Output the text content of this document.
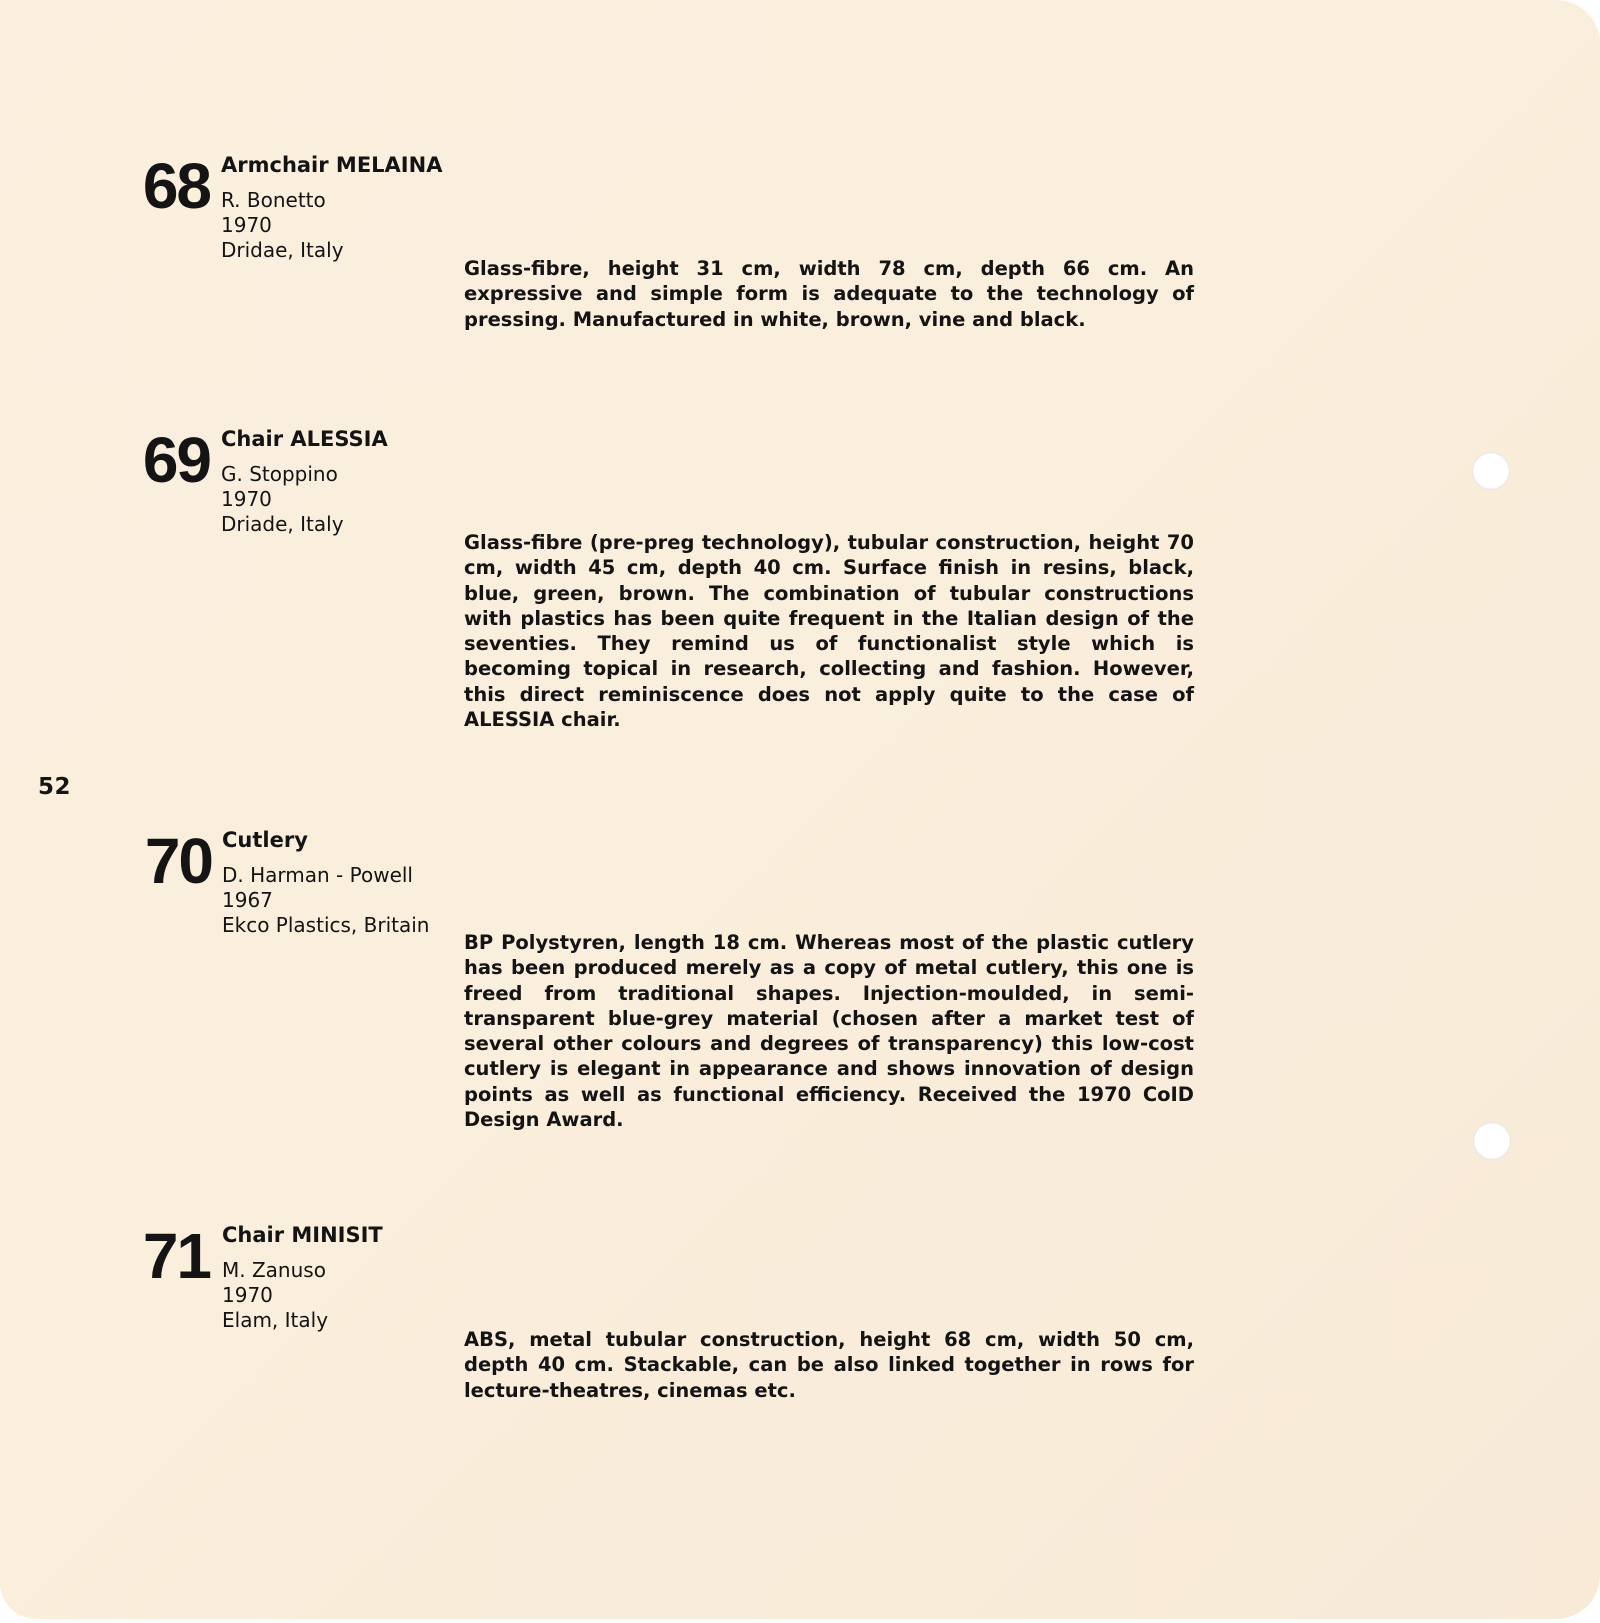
52
68 Armchair MELAINA
R. Bonetto
1970
Dridae, Italy

Glass-fibre, height 31 cm, width 78 cm, depth 66 cm. An expressive and simple form is adequate to the technology of pressing. Manufactured in white, brown, vine and black.

69 Chair ALESSIA
G. Stoppino
1970
Driade, Italy

Glass-fibre (pre-preg technology), tubular construction, height 70 cm, width 45 cm, depth 40 cm. Surface finish in resins, black, blue, green, brown. The combination of tubular constructions with plastics has been quite frequent in the Italian design of the seventies. They remind us of functionalist style which is becoming topical in research, collecting and fashion. However, this direct reminiscence does not apply quite to the case of ALESSIA chair.

70 Cutlery
D. Harman - Powell
1967
Ekco Plastics, Britain

BP Polystyren, length 18 cm. Whereas most of the plastic cutlery has been produced merely as a copy of metal cutlery, this one is freed from traditional shapes. Injection-moulded, in semi-transparent blue-grey material (chosen after a market test of several other colours and degrees of transparency) this low-cost cutlery is elegant in appearance and shows innovation of design points as well as functional efficiency. Received the 1970 CoID Design Award.

71 Chair MINISIT
M. Zanuso
1970
Elam, Italy

ABS, metal tubular construction, height 68 cm, width 50 cm, depth 40 cm. Stackable, can be also linked together in rows for lecture-theatres, cinemas etc.
